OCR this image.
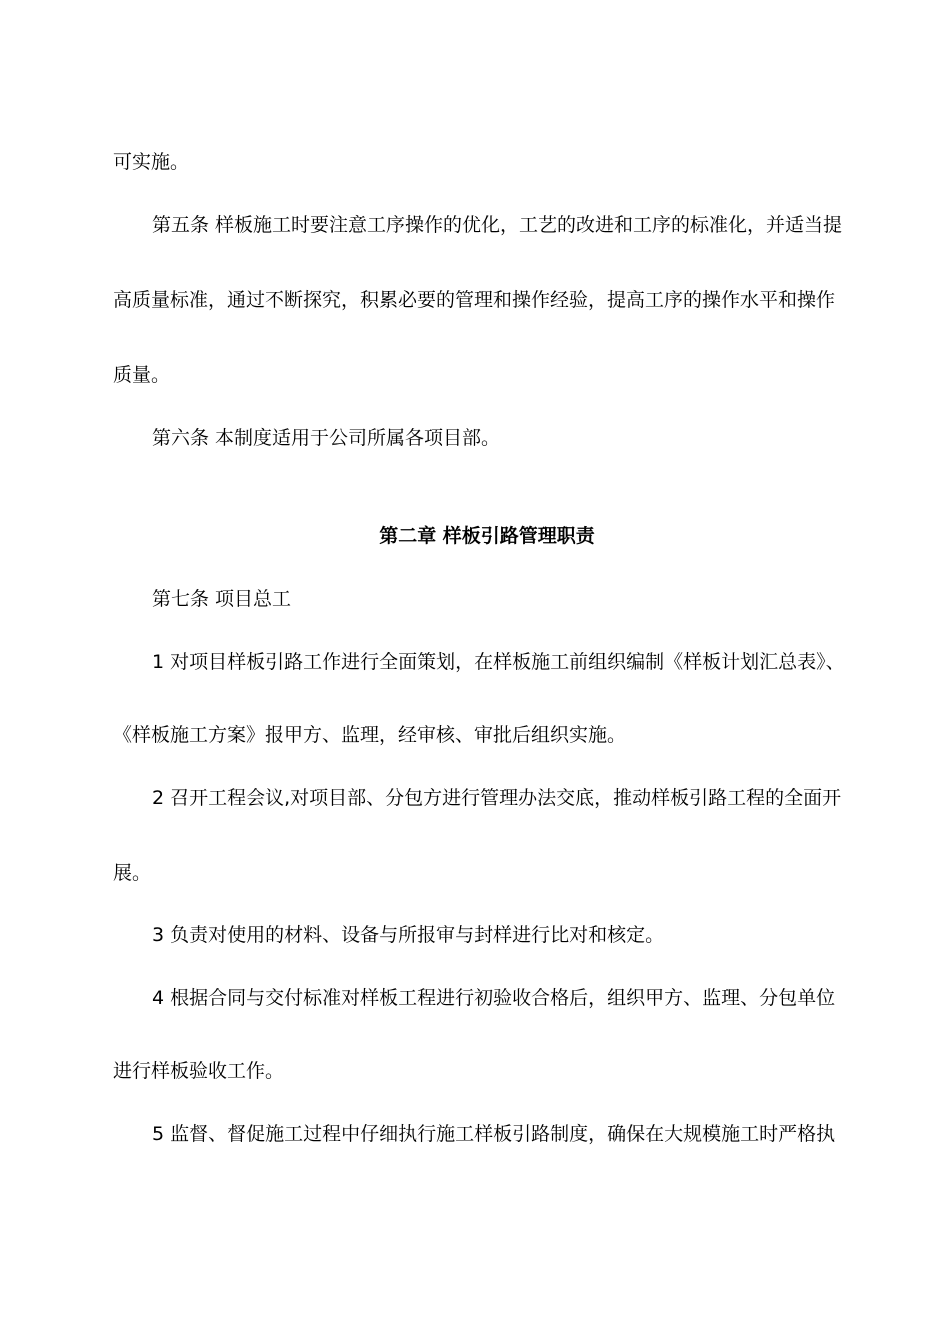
可实施。
第五条 样板施工时要注意工序操作的优化，工艺的改进和工序的标准化，并适当提
高质量标准，通过不断探究，积累必要的管理和操作经验，提高工序的操作水平和操作
质量。
第六条 本制度适用于公司所属各项目部。
第二章 样板引路管理职责
第七条 项目总工
1 对项目样板引路工作进行全面策划，在样板施工前组织编制《样板计划汇总表》、
《样板施工方案》报甲方、监理，经审核、审批后组织实施。
2 召开工程会议,对项目部、分包方进行管理办法交底，推动样板引路工程的全面开
展。
3 负责对使用的材料、设备与所报审与封样进行比对和核定。
4 根据合同与交付标准对样板工程进行初验收合格后，组织甲方、监理、分包单位
进行样板验收工作。
5 监督、督促施工过程中仔细执行施工样板引路制度，确保在大规模施工时严格执
